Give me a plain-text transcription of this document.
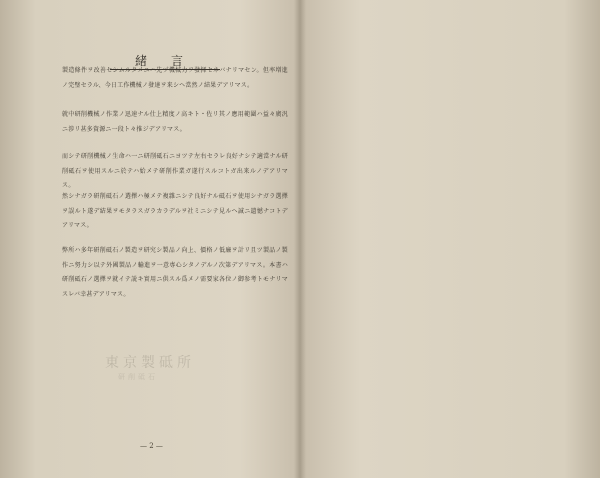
緒言
製造條件ヲ改善セシムルタメニハ先ヅ機械力ヲ發揮セネバナリマセン。但率増進ノ完璧セラル、今日工作機械ノ發達ヲ来シヘ當然ノ結果デアリマス。
就中研削機械ノ作業ノ迅速ナル仕上精度ノ高キト・佐リ其ノ應用範圍ハ益々廣汎ニ渉リ甚多資源ニ一段ト々推ジデアリマス。
而シテ研削機械ノ生命ハ一ニ研削砥石ニヨツテ左右セラレ良好ナシテ適當ナル研削砥石ヲ使用スルニ於テハ始メテ研削作業ガ遂行スルコトガ出来ルノデアリマス。
然シナガラ研削砥石ノ選擇ハ極メテ複雜ニシテ良好ナル砥石ヲ使用シナガラ選擇ヲ誤ルト遂デ結果ヲモタラスガラカラデルヲ社ミニシテ見ルヘ誠ニ遺憾ナコトデアリマス。
弊所ハ多年研削砥石ノ製造ヲ研究シ製品ノ向上、價格ノ低廉ヲ計リ且ツ製品ノ製作ニ努力シ以テ外國製品ノ輸進ヲ一意専心シタノデルノ次第デアリマス。本書ハ研削砥石ノ選擇ヲ就イテ説キ實用ニ供スル爲メノ需要家各位ノ御参考トモナリマスレバ幸甚デアリマス。
東京製砥所
研削砥石
— 2 —
